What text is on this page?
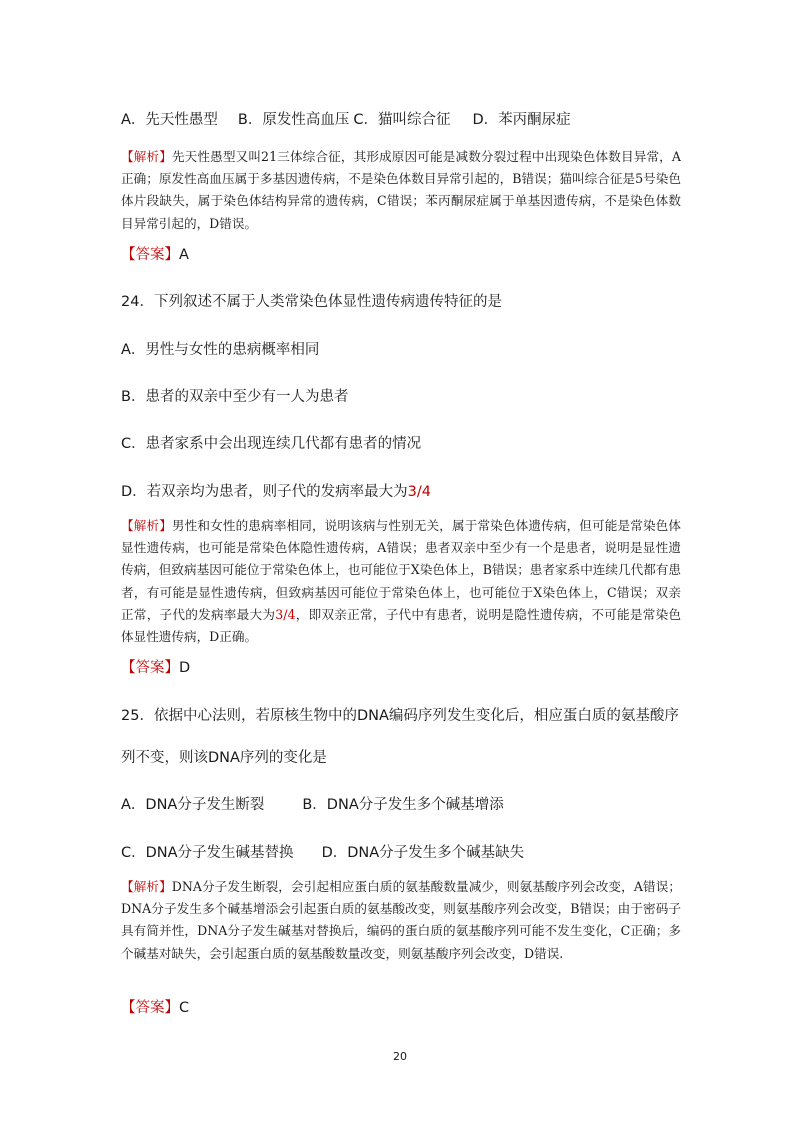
A．先天性愚型 B．原发性高血压 C．猫叫综合征 D．苯丙酮尿症
【解析】先天性愚型又叫21三体综合征，其形成原因可能是减数分裂过程中出现染色体数目异常，A正确；原发性高血压属于多基因遗传病，不是染色体数目异常引起的，B错误；猫叫综合征是5号染色体片段缺失，属于染色体结构异常的遗传病，C错误；苯丙酮尿症属于单基因遗传病，不是染色体数目异常引起的，D错误。
【答案】A
24．下列叙述不属于人类常染色体显性遗传病遗传特征的是
A．男性与女性的患病概率相同
B．患者的双亲中至少有一人为患者
C．患者家系中会出现连续几代都有患者的情况
D．若双亲均为患者，则子代的发病率最大为3/4
【解析】男性和女性的患病率相同，说明该病与性别无关，属于常染色体遗传病，但可能是常染色体显性遗传病，也可能是常染色体隐性遗传病，A错误；患者双亲中至少有一个是患者，说明是显性遗传病，但致病基因可能位于常染色体上，也可能位于X染色体上，B错误；患者家系中连续几代都有患者，有可能是显性遗传病，但致病基因可能位于常染色体上，也可能位于X染色体上，C错误；双亲正常，子代的发病率最大为3/4，即双亲正常，子代中有患者，说明是隐性遗传病，不可能是常染色体显性遗传病，D正确。
【答案】D
25．依据中心法则，若原核生物中的DNA编码序列发生变化后，相应蛋白质的氨基酸序
列不变，则该DNA序列的变化是
A．DNA分子发生断裂	B．DNA分子发生多个碱基增添
C．DNA分子发生碱基替换 D．DNA分子发生多个碱基缺失
【解析】DNA分子发生断裂，会引起相应蛋白质的氨基酸数量减少，则氨基酸序列会改变，A错误；DNA分子发生多个碱基增添会引起蛋白质的氨基酸改变，则氨基酸序列会改变，B错误；由于密码子具有简并性，DNA分子发生碱基对替换后，编码的蛋白质的氨基酸序列可能不发生变化，C正确；多个碱基对缺失，会引起蛋白质的氨基酸数量改变，则氨基酸序列会改变，D错误.
【答案】C
20
